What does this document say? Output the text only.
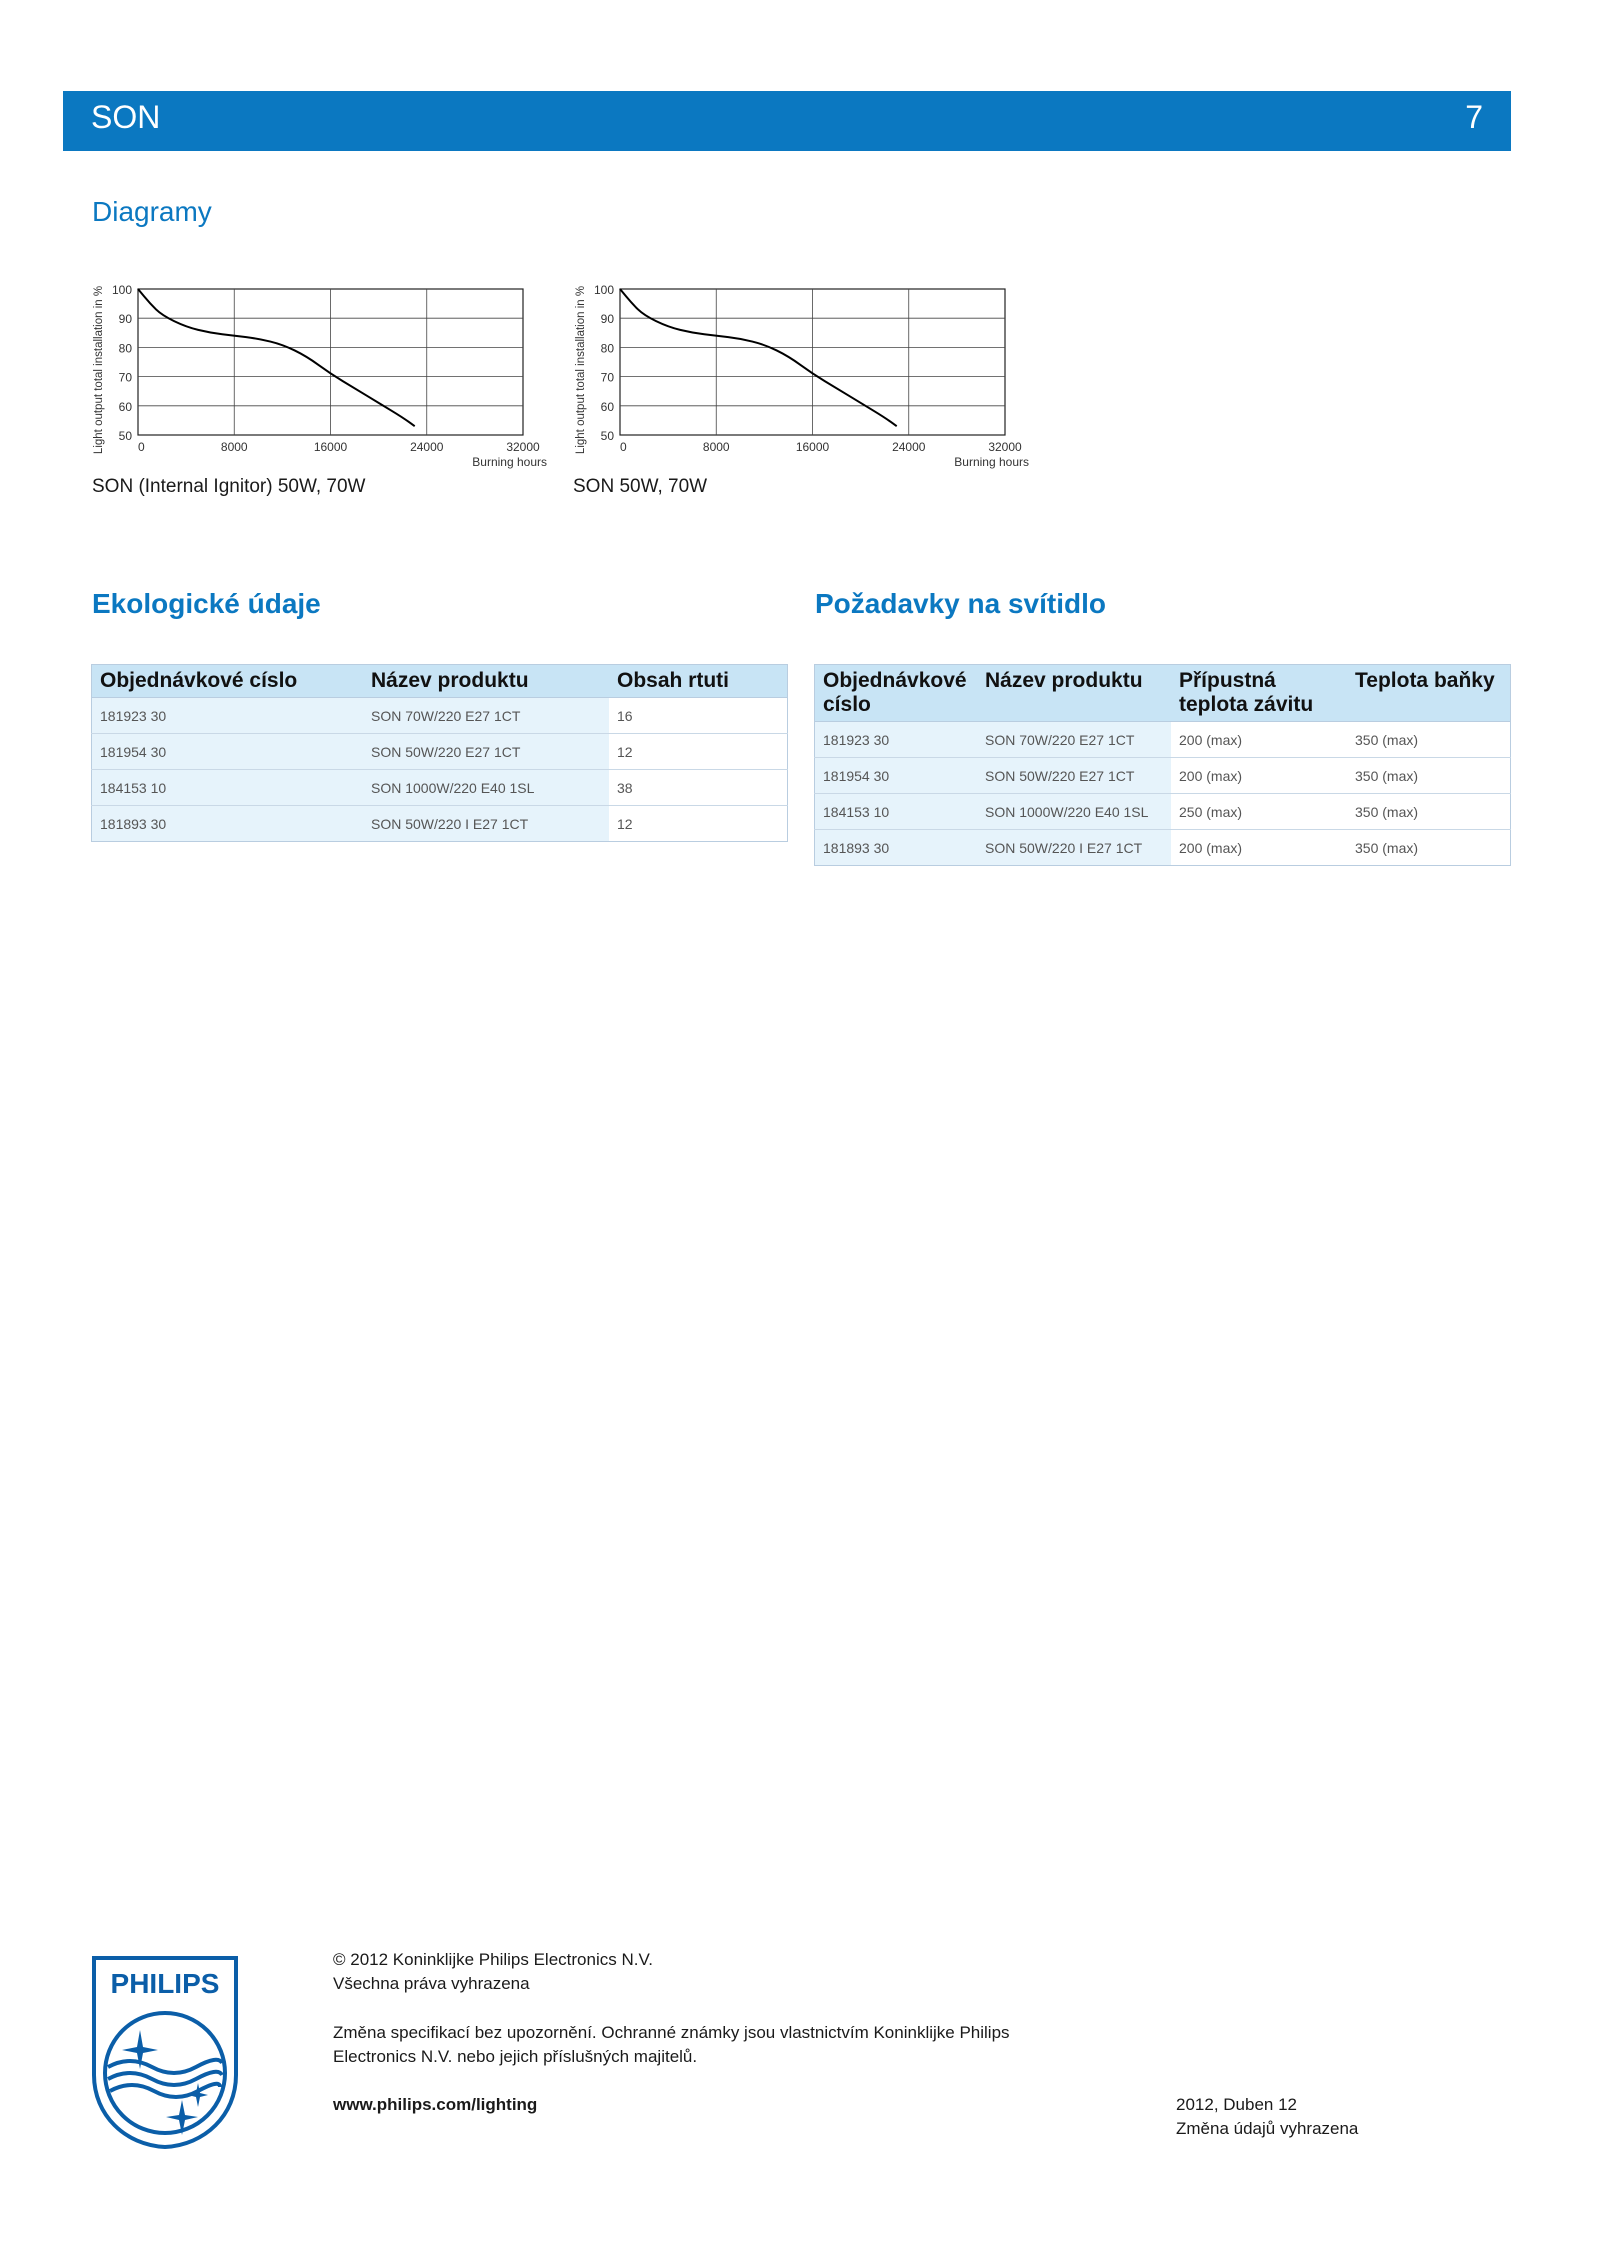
SON	7
Diagramy
50
60
70
80
90
100
0	8000	16000	24000	32000
Burning hours
Light output total installation in %
SON (Internal Ignitor) 50W, 70W
50
60
70
80
90
100
0	8000	16000	24000	32000
Burning hours
Light output total installation in %
SON 50W, 70W
Ekologické údaje
Objednávkové císlo	Název produktu	Obsah rtuti
181923 30	SON 70W/220 E27 1CT	16
181954 30	SON 50W/220 E27 1CT	12
184153 10	SON 1000W/220 E40 1SL	38
181893 30	SON 50W/220 I E27 1CT	12
Požadavky na svítidlo
Objednávkové císlo	Název produktu	Přípustná teplota závitu	Teplota baňky
181923 30	SON 70W/220 E27 1CT	200 (max)	350 (max)
181954 30	SON 50W/220 E27 1CT	200 (max)	350 (max)
184153 10	SON 1000W/220 E40 1SL	250 (max)	350 (max)
181893 30	SON 50W/220 I E27 1CT	200 (max)	350 (max)
PHILIPS
© 2012 Koninklijke Philips Electronics N.V.
Všechna práva vyhrazena
Změna specifikací bez upozornění. Ochranné známky jsou vlastnictvím Koninklijke Philips
Electronics N.V. nebo jejich příslušných majitelů.
www.philips.com/lighting	2012, Duben 12
Změna údajů vyhrazena
